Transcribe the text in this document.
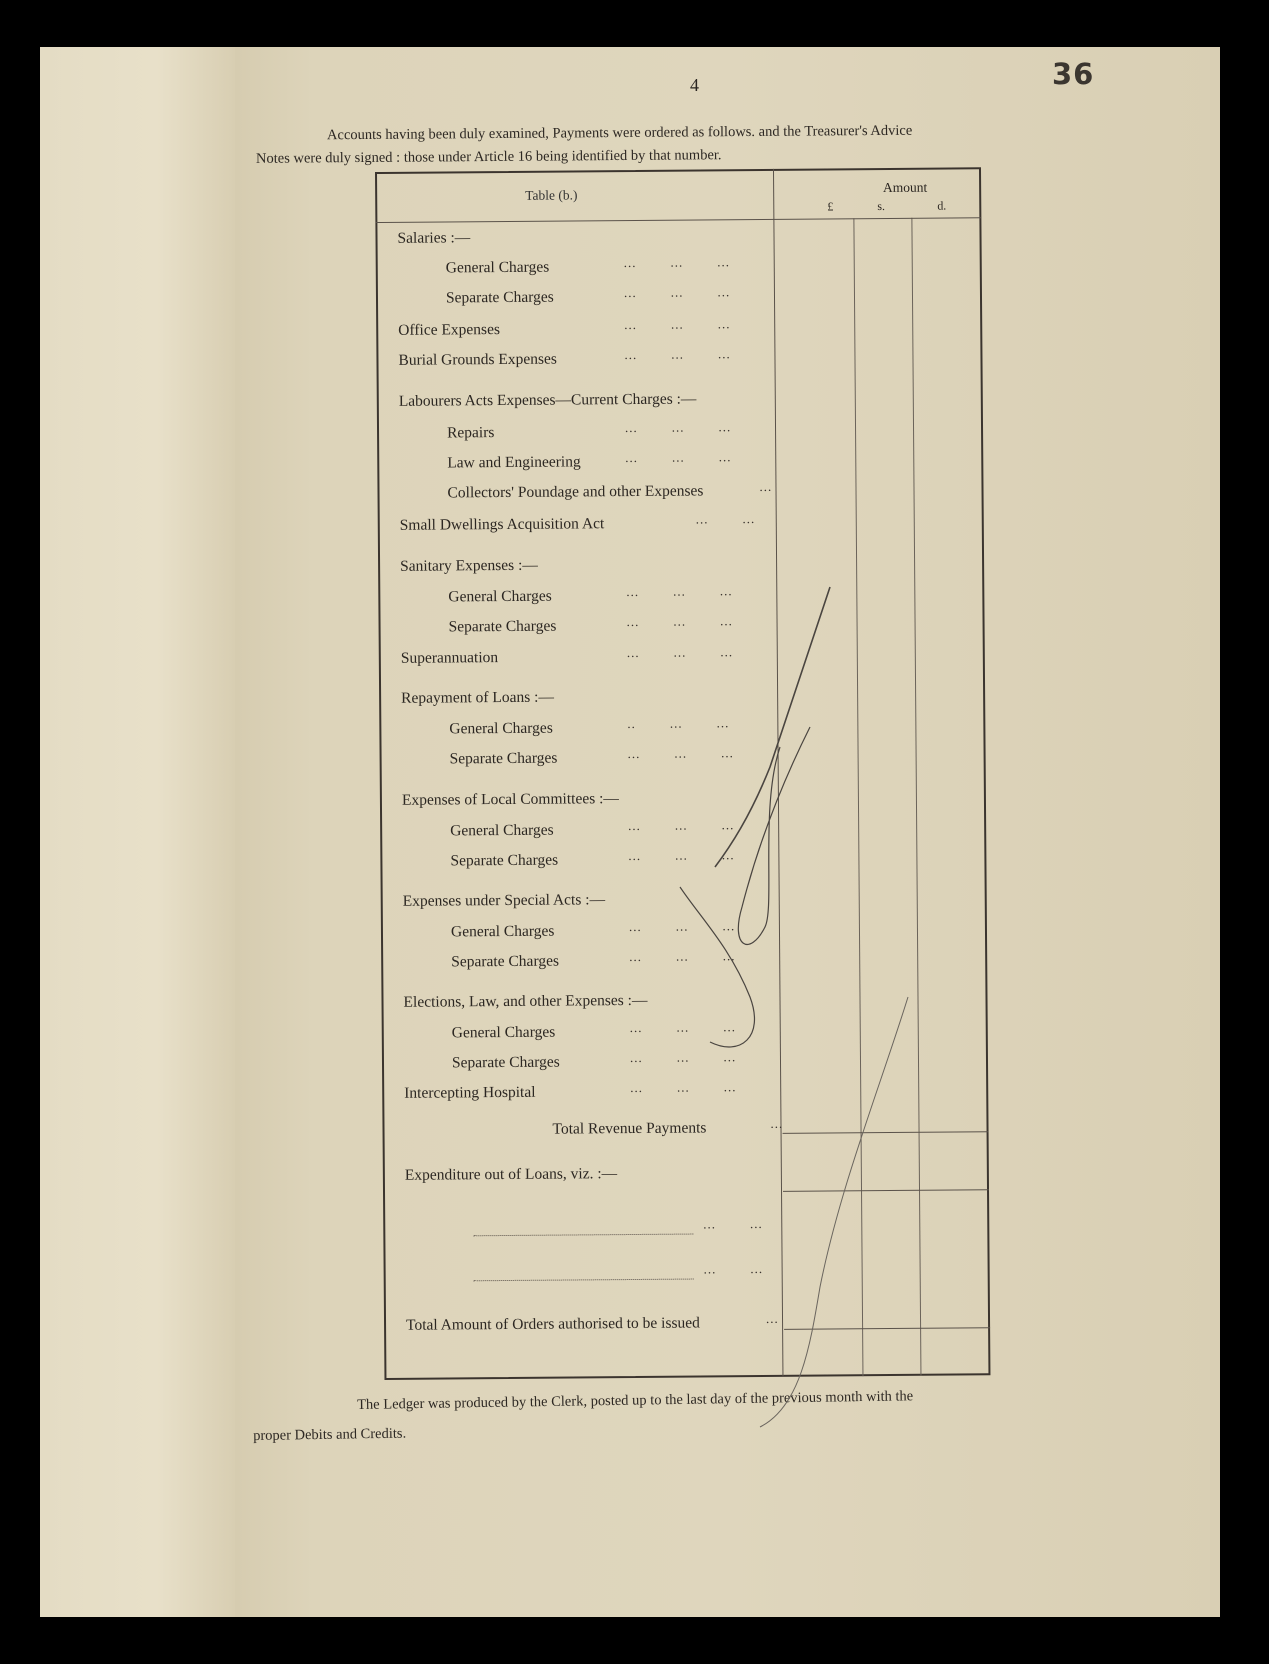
4	36
Accounts having been duly examined, Payments were ordered as follows. and the Treasurer's Advice
Notes were duly signed : those under Article 16 being identified by that number.
Table (b.)
Amount
£	s.	d.
Salaries :—
General Charges	...        ...        ...
Separate Charges	...        ...        ...
Office Expenses	...        ...        ...
Burial Grounds Expenses	...        ...        ...
Labourers Acts Expenses—Current Charges :—
Repairs	...        ...        ...
Law and Engineering	...        ...        ...
Collectors' Poundage and other Expenses	...
Small Dwellings Acquisition Act	...        ...
Sanitary Expenses :—
General Charges	...        ...        ...
Separate Charges	...        ...        ...
Superannuation	...        ...        ...
Repayment of Loans :—
General Charges	..        ...        ...
Separate Charges	...        ...        ...
Expenses of Local Committees :—
General Charges	...        ...        ...
Separate Charges	...        ...        ...
Expenses under Special Acts :—
General Charges	...        ...        ...
Separate Charges	...        ...        ...
Elections, Law, and other Expenses :—
General Charges	...        ...        ...
Separate Charges	...        ...        ...
Intercepting Hospital	...        ...        ...
Total Revenue Payments	...
Expenditure out of Loans, viz. :—
...        ...
...        ...
Total Amount of Orders authorised to be issued	...
The Ledger was produced by the Clerk, posted up to the last day of the previous month with the
proper Debits and Credits.
